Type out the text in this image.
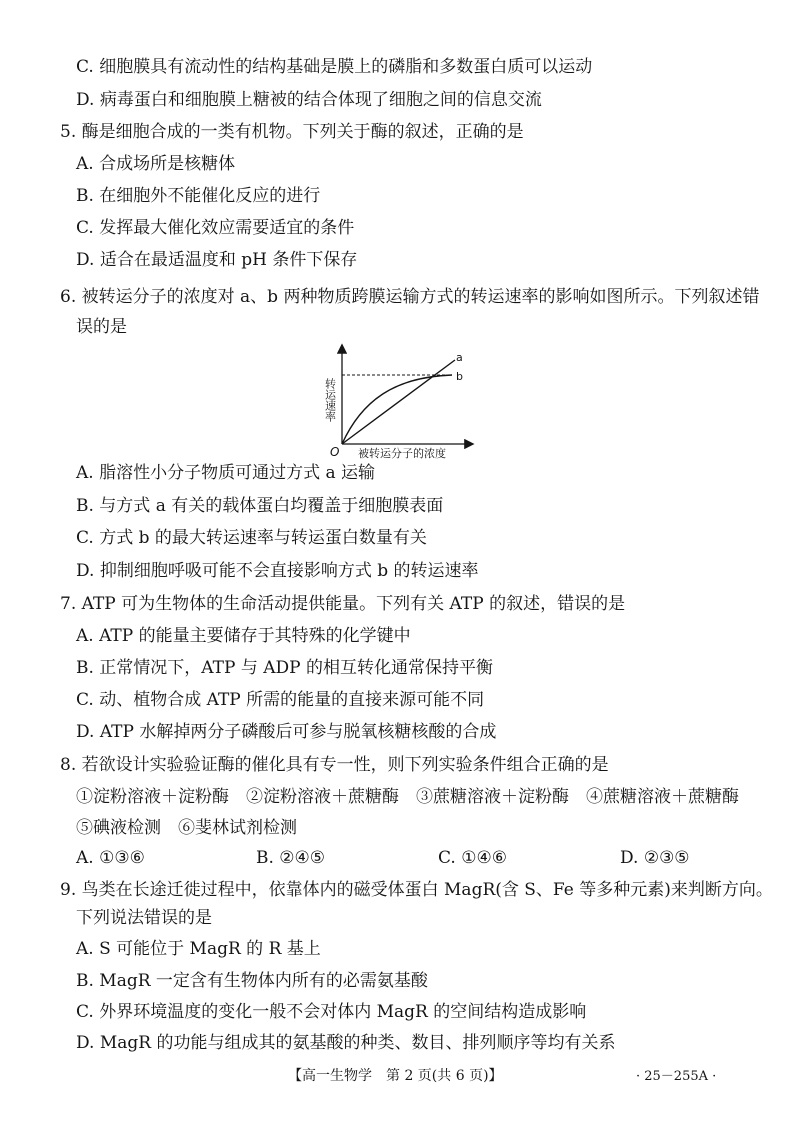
C. 细胞膜具有流动性的结构基础是膜上的磷脂和多数蛋白质可以运动
D. 病毒蛋白和细胞膜上糖被的结合体现了细胞之间的信息交流
5. 酶是细胞合成的一类有机物。下列关于酶的叙述，正确的是
A. 合成场所是核糖体
B. 在细胞外不能催化反应的进行
C. 发挥最大催化效应需要适宜的条件
D. 适合在最适温度和 pH 条件下保存
6. 被转运分子的浓度对 a、b 两种物质跨膜运输方式的转运速率的影响如图所示。下列叙述错
误的是
a
b
O 被转运分子的浓度
转运速率
A. 脂溶性小分子物质可通过方式 a 运输
B. 与方式 a 有关的载体蛋白均覆盖于细胞膜表面
C. 方式 b 的最大转运速率与转运蛋白数量有关
D. 抑制细胞呼吸可能不会直接影响方式 b 的转运速率
7. ATP 可为生物体的生命活动提供能量。下列有关 ATP 的叙述，错误的是
A. ATP 的能量主要储存于其特殊的化学键中
B. 正常情况下，ATP 与 ADP 的相互转化通常保持平衡
C. 动、植物合成 ATP 所需的能量的直接来源可能不同
D. ATP 水解掉两分子磷酸后可参与脱氧核糖核酸的合成
8. 若欲设计实验验证酶的催化具有专一性，则下列实验条件组合正确的是
①淀粉溶液＋淀粉酶　②淀粉溶液＋蔗糖酶　③蔗糖溶液＋淀粉酶　④蔗糖溶液＋蔗糖酶
⑤碘液检测　⑥斐林试剂检测
A. ①③⑥	B. ②④⑤	C. ①④⑥	D. ②③⑤
9. 鸟类在长途迁徙过程中，依靠体内的磁受体蛋白 MagR(含 S、Fe 等多种元素)来判断方向。
下列说法错误的是
A. S 可能位于 MagR 的 R 基上
B. MagR 一定含有生物体内所有的必需氨基酸
C. 外界环境温度的变化一般不会对体内 MagR 的空间结构造成影响
D. MagR 的功能与组成其的氨基酸的种类、数目、排列顺序等均有关系
【高一生物学　第 2 页(共 6 页)】	· 25－255A ·
